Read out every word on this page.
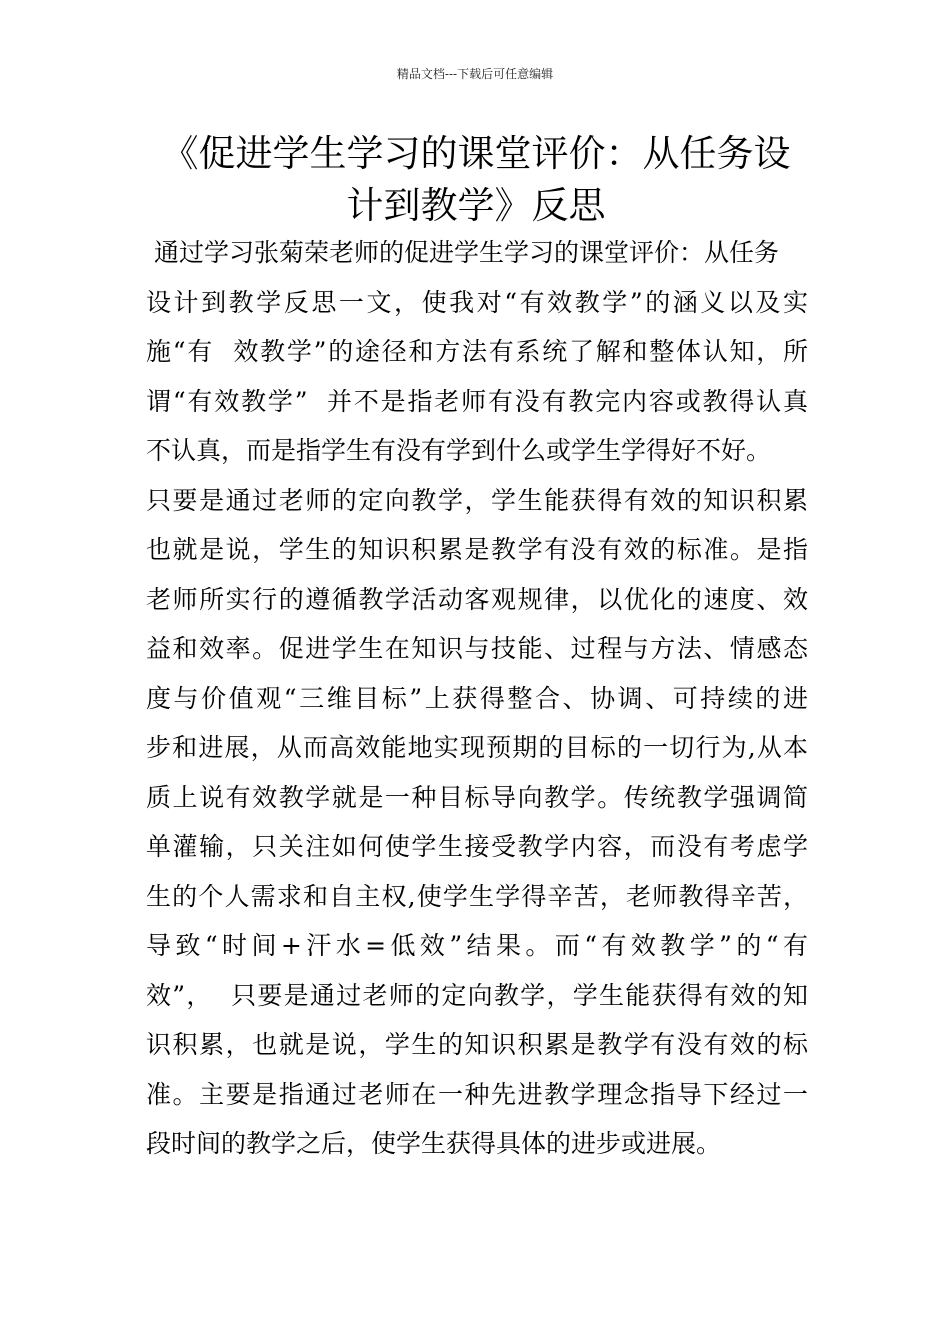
精品文档---下载后可任意编辑
《促进学生学习的课堂评价：从任务设
计到教学》反思
通过学习张菊荣老师的促进学生学习的课堂评价：从任务
设计到教学反思一文，使我对“有效教学”的涵义以及实
施“有  效教学”的途径和方法有系统了解和整体认知，所
谓“有效教学”  并不是指老师有没有教完内容或教得认真
不认真，而是指学生有没有学到什么或学生学得好不好。
只要是通过老师的定向教学，学生能获得有效的知识积累
也就是说，学生的知识积累是教学有没有效的标准。是指
老师所实行的遵循教学活动客观规律，以优化的速度、效
益和效率。促进学生在知识与技能、过程与方法、情感态
度与价值观“三维目标”上获得整合、协调、可持续的进
步和进展，从而高效能地实现预期的目标的一切行为,从本
质上说有效教学就是一种目标导向教学。传统教学强调简
单灌输，只关注如何使学生接受教学内容，而没有考虑学
生的个人需求和自主权,使学生学得辛苦，老师教得辛苦，
导致“时间+汗水=低效”结果。而“有效教学”的“有
效”，  只要是通过老师的定向教学，学生能获得有效的知
识积累，也就是说，学生的知识积累是教学有没有效的标
准。主要是指通过老师在一种先进教学理念指导下经过一
段时间的教学之后，使学生获得具体的进步或进展。
